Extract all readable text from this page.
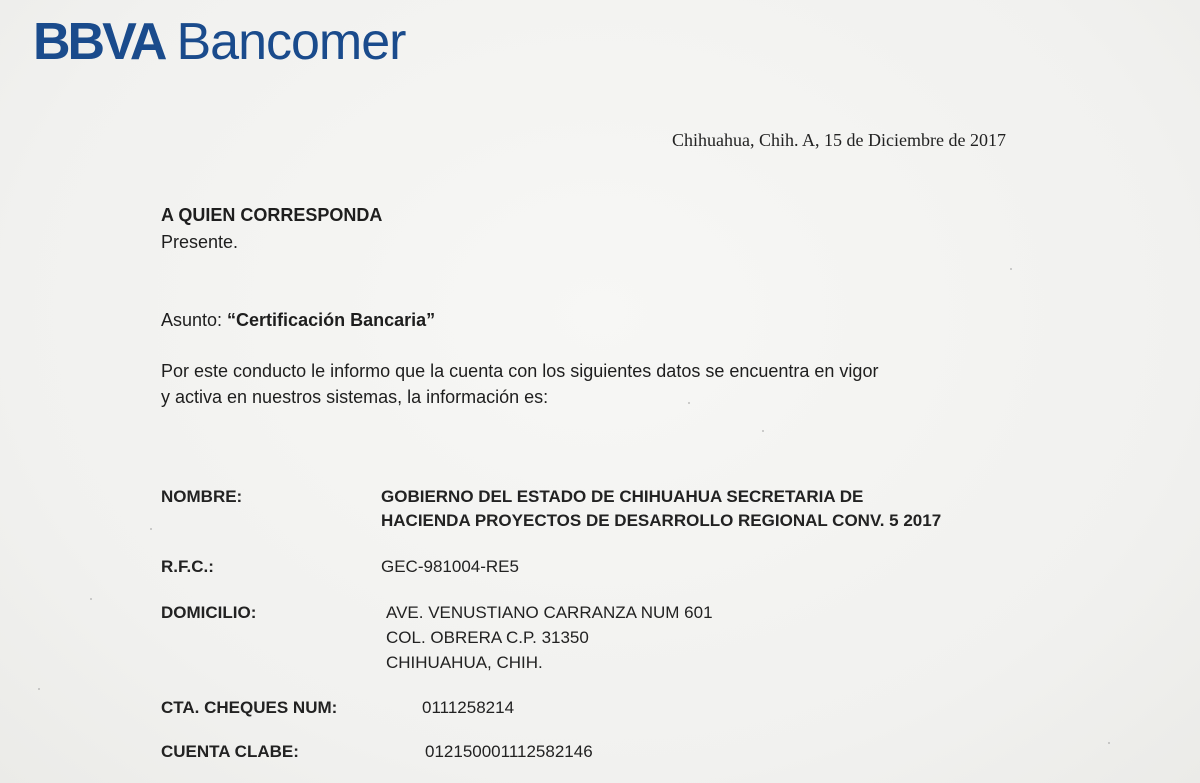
BBVA Bancomer
Chihuahua, Chih. A, 15 de Diciembre de 2017
A QUIEN CORRESPONDA
Presente.
Asunto: “Certificación Bancaria”
Por este conducto le informo que la cuenta con los siguientes datos se encuentra en vigor
y activa en nuestros sistemas, la información es:
NOMBRE:	GOBIERNO DEL ESTADO DE CHIHUAHUA SECRETARIA DE
HACIENDA PROYECTOS DE DESARROLLO REGIONAL CONV. 5 2017
R.F.C.:	GEC-981004-RE5
DOMICILIO:	AVE. VENUSTIANO CARRANZA NUM 601
COL. OBRERA C.P. 31350
CHIHUAHUA, CHIH.
CTA. CHEQUES NUM:	0111258214
CUENTA CLABE:	012150001112582146
